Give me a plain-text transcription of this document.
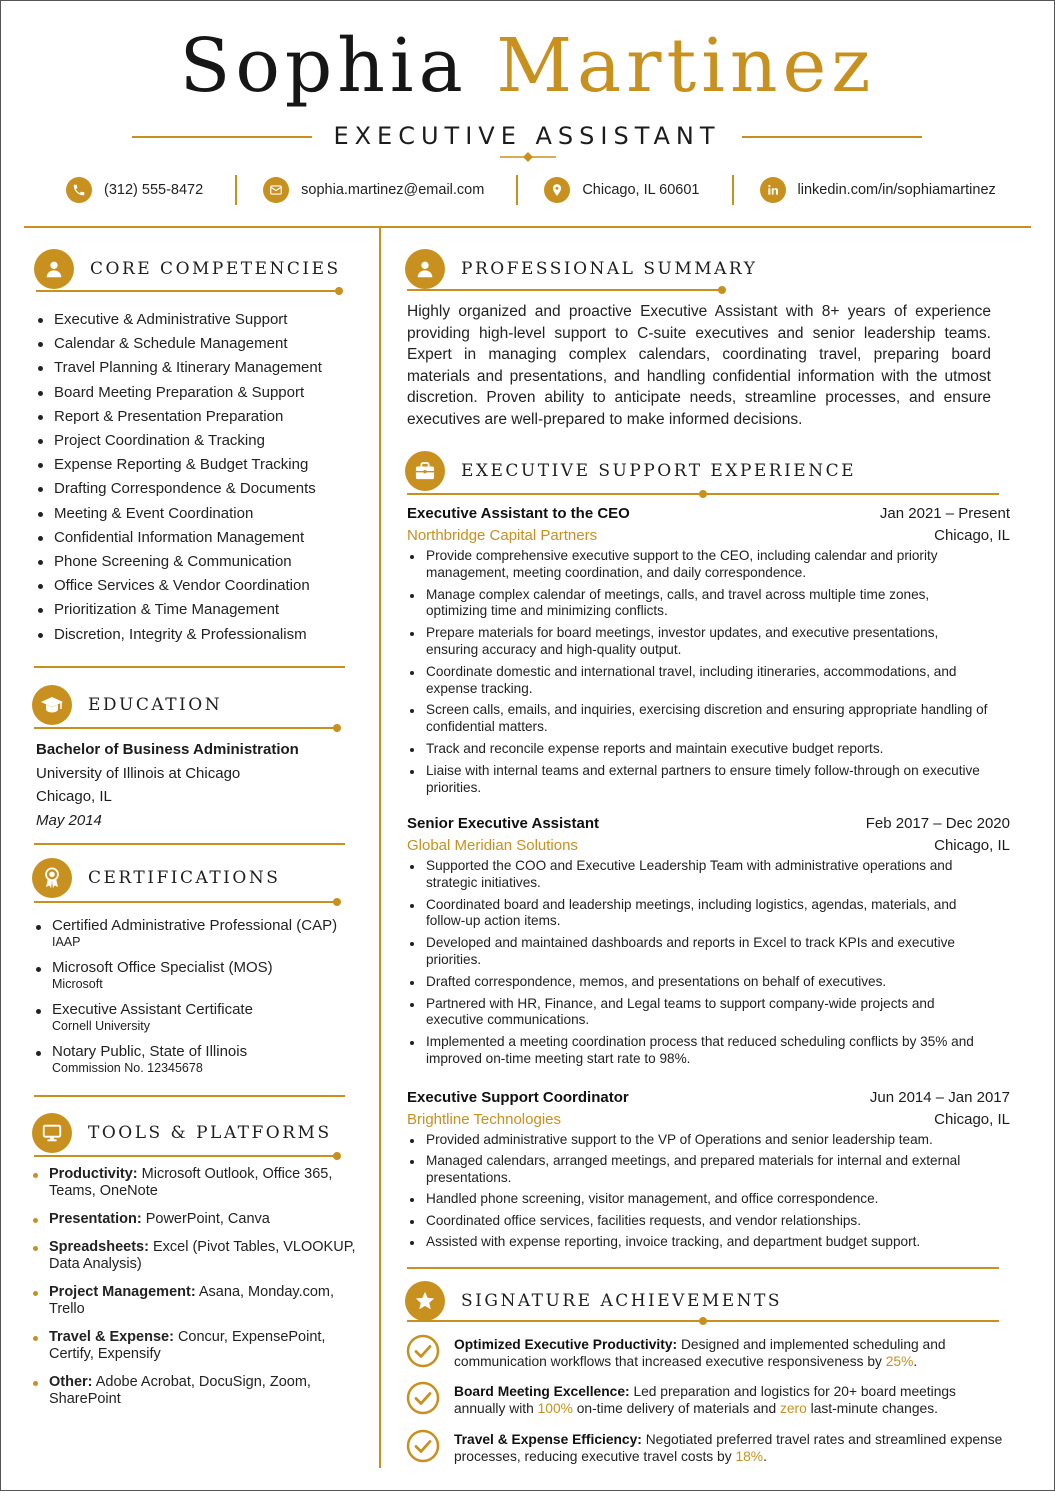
Sophia Martinez
EXECUTIVE ASSISTANT
(312) 555-8472	sophia.martinez@email.com	Chicago, IL 60601	linkedin.com/in/sophiamartinez
CORE COMPETENCIES
Executive & Administrative Support
Calendar & Schedule Management
Travel Planning & Itinerary Management
Board Meeting Preparation & Support
Report & Presentation Preparation
Project Coordination & Tracking
Expense Reporting & Budget Tracking
Drafting Correspondence & Documents
Meeting & Event Coordination
Confidential Information Management
Phone Screening & Communication
Office Services & Vendor Coordination
Prioritization & Time Management
Discretion, Integrity & Professionalism
EDUCATION
Bachelor of Business Administration
University of Illinois at Chicago
Chicago, IL
May 2014
CERTIFICATIONS
Certified Administrative Professional (CAP)
IAAP
Microsoft Office Specialist (MOS)
Microsoft
Executive Assistant Certificate
Cornell University
Notary Public, State of Illinois
Commission No. 12345678
TOOLS & PLATFORMS
Productivity: Microsoft Outlook, Office 365, Teams, OneNote
Presentation: PowerPoint, Canva
Spreadsheets: Excel (Pivot Tables, VLOOKUP, Data Analysis)
Project Management: Asana, Monday.com, Trello
Travel & Expense: Concur, ExpensePoint, Certify, Expensify
Other: Adobe Acrobat, DocuSign, Zoom, SharePoint
PROFESSIONAL SUMMARY
Highly organized and proactive Executive Assistant with 8+ years of experience providing high-level support to C-suite executives and senior leadership teams. Expert in managing complex calendars, coordinating travel, preparing board materials and presentations, and handling confidential information with the utmost discretion. Proven ability to anticipate needs, streamline processes, and ensure executives are well-prepared to make informed decisions.
EXECUTIVE SUPPORT EXPERIENCE
Executive Assistant to the CEO	Jan 2021 – Present
Northbridge Capital Partners	Chicago, IL
Provide comprehensive executive support to the CEO, including calendar and priority management, meeting coordination, and daily correspondence.
Manage complex calendar of meetings, calls, and travel across multiple time zones, optimizing time and minimizing conflicts.
Prepare materials for board meetings, investor updates, and executive presentations, ensuring accuracy and high-quality output.
Coordinate domestic and international travel, including itineraries, accommodations, and expense tracking.
Screen calls, emails, and inquiries, exercising discretion and ensuring appropriate handling of confidential matters.
Track and reconcile expense reports and maintain executive budget reports.
Liaise with internal teams and external partners to ensure timely follow-through on executive priorities.
Senior Executive Assistant	Feb 2017 – Dec 2020
Global Meridian Solutions	Chicago, IL
Supported the COO and Executive Leadership Team with administrative operations and strategic initiatives.
Coordinated board and leadership meetings, including logistics, agendas, materials, and follow-up action items.
Developed and maintained dashboards and reports in Excel to track KPIs and executive priorities.
Drafted correspondence, memos, and presentations on behalf of executives.
Partnered with HR, Finance, and Legal teams to support company-wide projects and executive communications.
Implemented a meeting coordination process that reduced scheduling conflicts by 35% and improved on-time meeting start rate to 98%.
Executive Support Coordinator	Jun 2014 – Jan 2017
Brightline Technologies	Chicago, IL
Provided administrative support to the VP of Operations and senior leadership team.
Managed calendars, arranged meetings, and prepared materials for internal and external presentations.
Handled phone screening, visitor management, and office correspondence.
Coordinated office services, facilities requests, and vendor relationships.
Assisted with expense reporting, invoice tracking, and department budget support.
SIGNATURE ACHIEVEMENTS
Optimized Executive Productivity: Designed and implemented scheduling and communication workflows that increased executive responsiveness by 25%.
Board Meeting Excellence: Led preparation and logistics for 20+ board meetings annually with 100% on-time delivery of materials and zero last-minute changes.
Travel & Expense Efficiency: Negotiated preferred travel rates and streamlined expense processes, reducing executive travel costs by 18%.
